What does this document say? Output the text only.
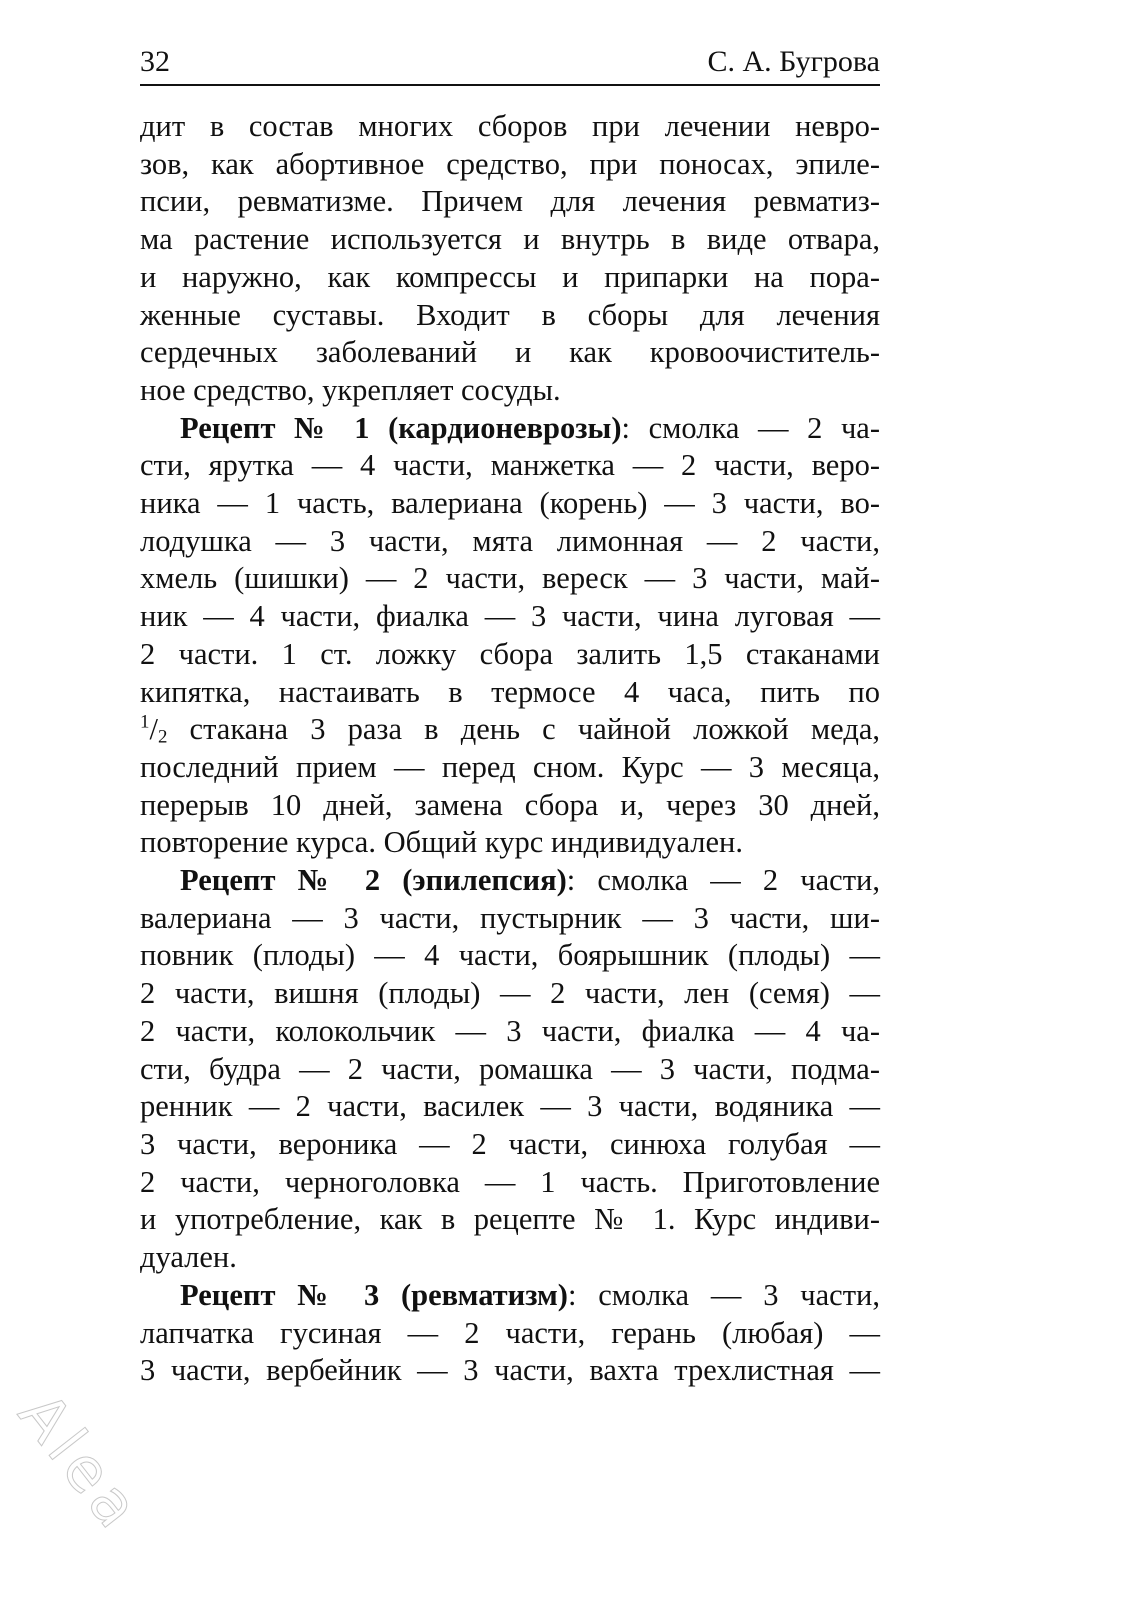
32	С. А. Бугрова

дит в состав многих сборов при лечении невро-
зов, как абортивное средство, при поносах, эпиле-
псии, ревматизме. Причем для лечения ревматиз-
ма растение используется и внутрь в виде отвара,
и наружно, как компрессы и припарки на пора-
женные суставы. Входит в сборы для лечения
сердечных заболеваний и как кровоочиститель-
ное средство, укрепляет сосуды.

Рецепт № 1 (кардионеврозы): смолка — 2 ча-
сти, ярутка — 4 части, манжетка — 2 части, веро-
ника — 1 часть, валериана (корень) — 3 части, во-
лодушка — 3 части, мята лимонная — 2 части,
хмель (шишки) — 2 части, вереск — 3 части, май-
ник — 4 части, фиалка — 3 части, чина луговая —
2 части. 1 ст. ложку сбора залить 1,5 стаканами
кипятка, настаивать в термосе 4 часа, пить по
$^1/_2$ стакана 3 раза в день с чайной ложкой меда,
последний прием — перед сном. Курс — 3 месяца,
перерыв 10 дней, замена сбора и, через 30 дней,
повторение курса. Общий курс индивидуален.

Рецепт № 2 (эпилепсия): смолка — 2 части,
валериана — 3 части, пустырник — 3 части, ши-
повник (плоды) — 4 части, боярышник (плоды) —
2 части, вишня (плоды) — 2 части, лен (семя) —
2 части, колокольчик — 3 части, фиалка — 4 ча-
сти, будра — 2 части, ромашка — 3 части, подма-
ренник — 2 части, василек — 3 части, водяника —
3 части, вероника — 2 части, синюха голубая —
2 части, черноголовка — 1 часть. Приготовление
и употребление, как в рецепте № 1. Курс индиви-
дуален.

Рецепт № 3 (ревматизм): смолка — 3 части,
лапчатка гусиная — 2 части, герань (любая) —
3 части, вербейник — 3 части, вахта трехлистная —

Alea
